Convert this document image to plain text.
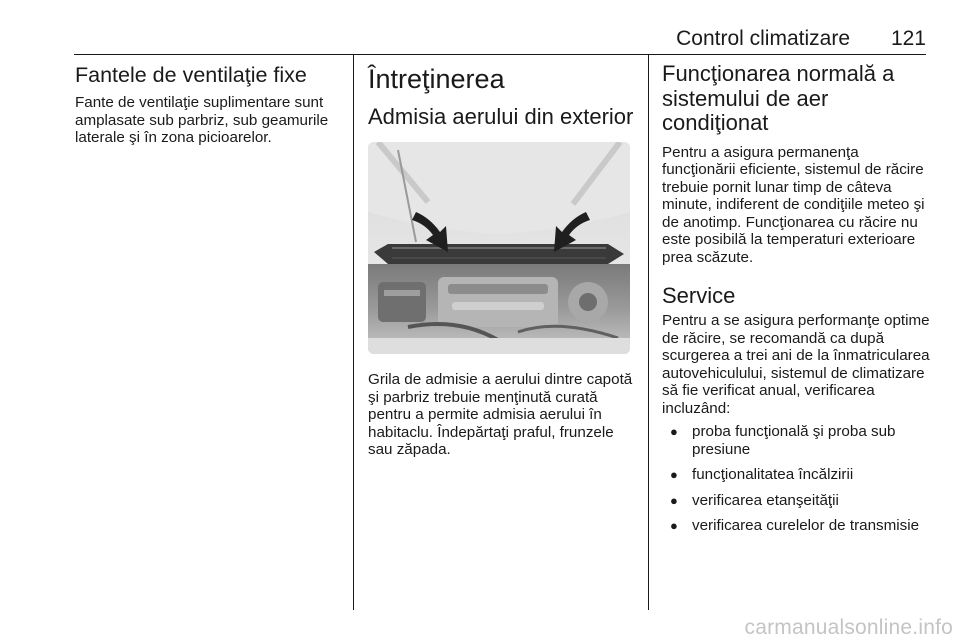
Control climatizare	121
Fantele de ventilaţie fixe

Fante de ventilaţie suplimentare sunt amplasate sub parbriz, sub geamurile laterale şi în zona picioarelor.

Întreţinerea
Admisia aerului din exterior

Grila de admisie a aerului dintre capotă şi parbriz trebuie menţinută curată pentru a permite admisia aerului în habitaclu. Îndepărtaţi praful, frunzele sau zăpada.

Funcţionarea normală a sistemului de aer condiţionat

Pentru a asigura permanenţa funcţionării eficiente, sistemul de răcire trebuie pornit lunar timp de câteva minute, indiferent de condiţiile meteo şi de anotimp. Funcţionarea cu răcire nu este posibilă la temperaturi exterioare prea scăzute.

Service

Pentru a se asigura performanţe optime de răcire, se recomandă ca după scurgerea a trei ani de la înmatricularea autovehiculului, sistemul de climatizare să fie verificat anual, verificarea incluzând:

● proba funcţională şi proba sub presiune
● funcţionalitatea încălzirii
● verificarea etanşeităţii
● verificarea curelelor de transmisie
carmanualsonline.info
